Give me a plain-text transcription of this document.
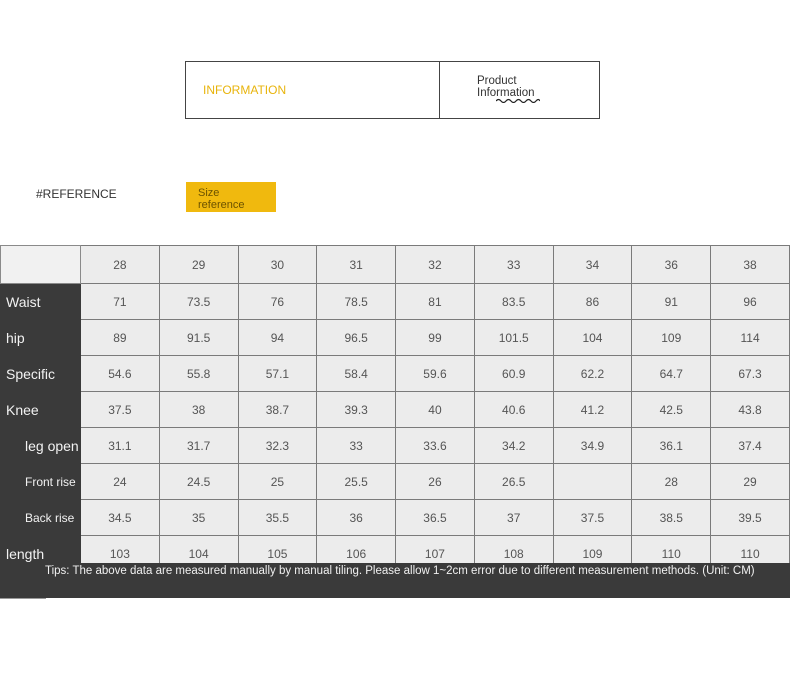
INFORMATION
Product
Information
#REFERENCE	Size
reference
	28	29	30	31	32	33	34	36	38
Waist	71	73.5	76	78.5	81	83.5	86	91	96
hip	89	91.5	94	96.5	99	101.5	104	109	114
Specific	54.6	55.8	57.1	58.4	59.6	60.9	62.2	64.7	67.3
Knee	37.5	38	38.7	39.3	40	40.6	41.2	42.5	43.8
leg open	31.1	31.7	32.3	33	33.6	34.2	34.9	36.1	37.4
Front rise	24	24.5	25	25.5	26	26.5		28	29
Back rise	34.5	35	35.5	36	36.5	37	37.5	38.5	39.5
length	103	104	105	106	107	108	109	110	110
Tips: The above data are measured manually by manual tiling. Please allow 1~2cm error due to different measurement methods. (Unit: CM)
